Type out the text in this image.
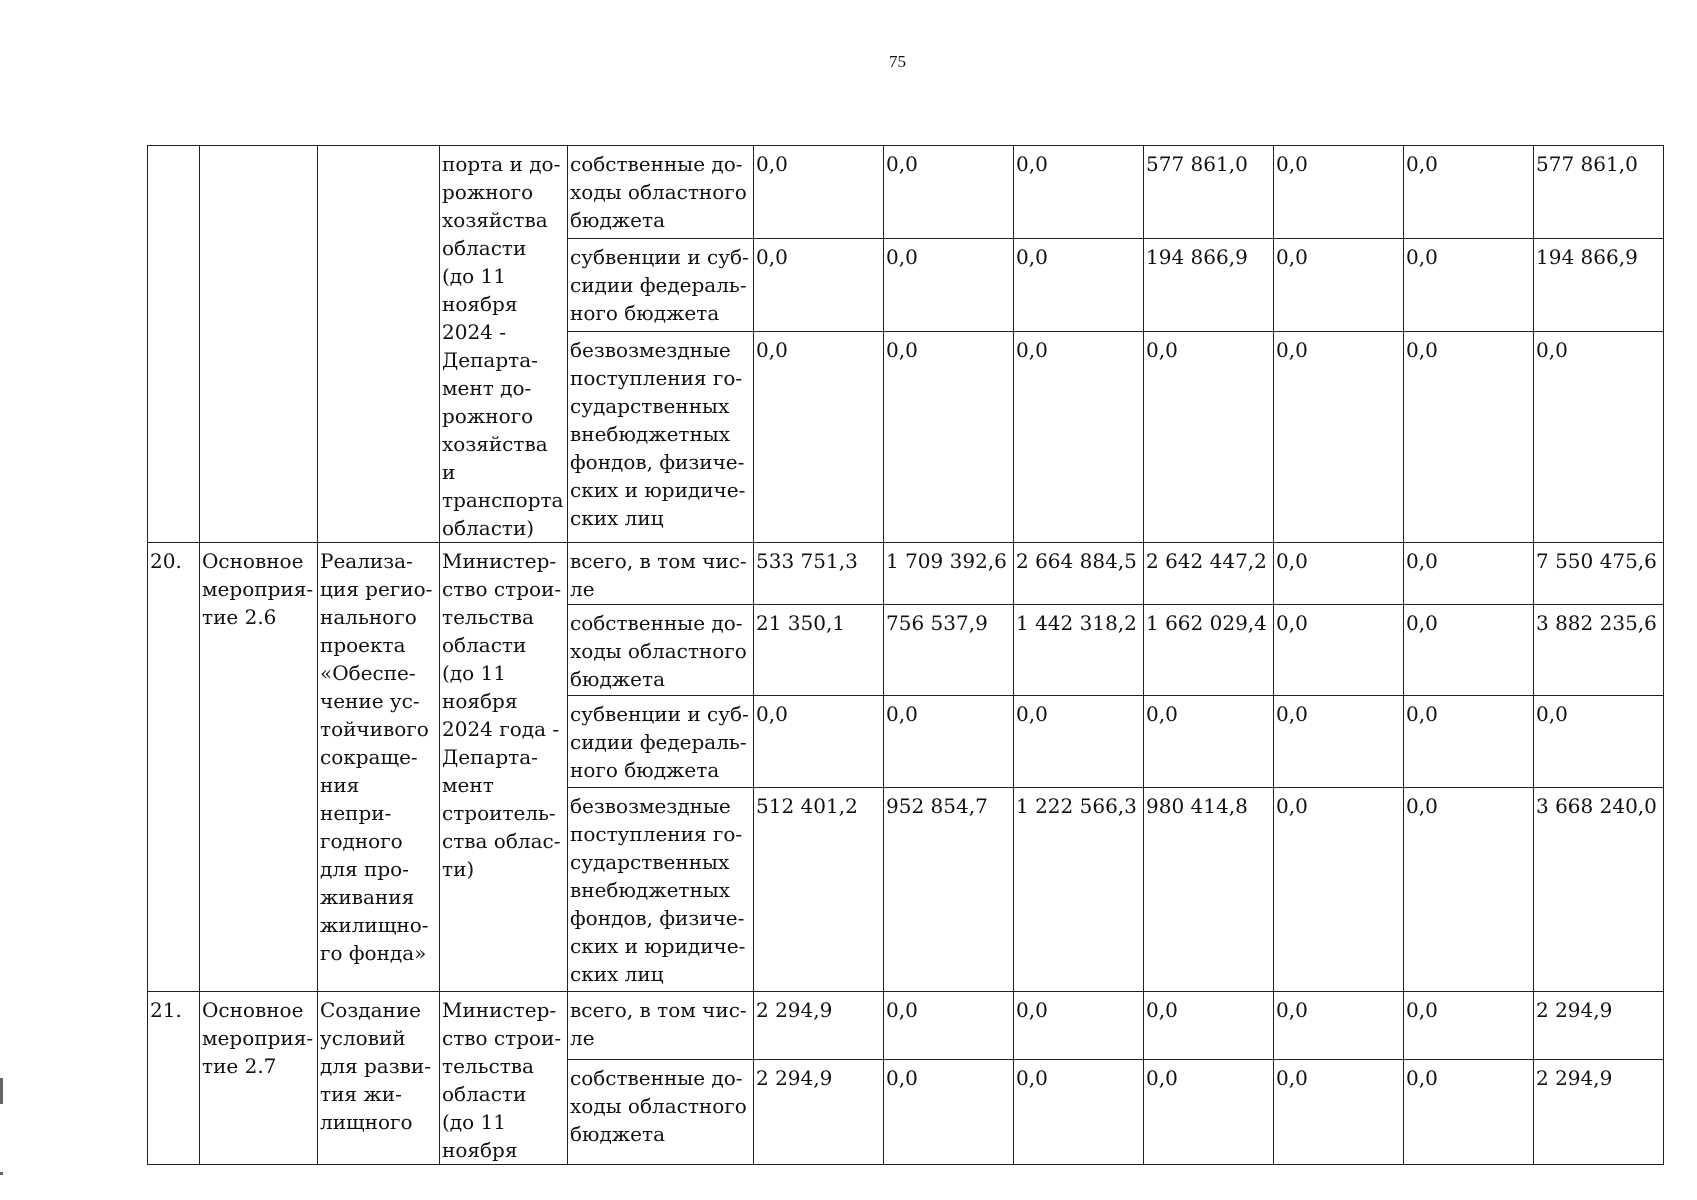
75
			порта и до-рожного хозяйства области (до 11 ноября 2024 - Департа-мент до-рожного хозяйства и транспорта области)	собственные до-ходы областного бюджета	0,0	0,0	0,0	577 861,0	0,0	0,0	577 861,0
				субвенции и суб-сидии федераль-ного бюджета	0,0	0,0	0,0	194 866,9	0,0	0,0	194 866,9
				безвозмездные поступления го-сударственных внебюджетных фондов, физиче-ских и юридиче-ских лиц	0,0	0,0	0,0	0,0	0,0	0,0	0,0
20.	Основное мероприя-тие 2.6	Реализа-ция регио-нального проекта «Обеспе-чение ус-тойчивого сокраще-ния непри-годного для про-живания жилищно-го фонда»	Министер-ство строи-тельства области (до 11 ноября 2024 года - Департа-мент строитель-ства облас-ти)	всего, в том чис-ле	533 751,3	1 709 392,6	2 664 884,5	2 642 447,2	0,0	0,0	7 550 475,6
				собственные до-ходы областного бюджета	21 350,1	756 537,9	1 442 318,2	1 662 029,4	0,0	0,0	3 882 235,6
				субвенции и суб-сидии федераль-ного бюджета	0,0	0,0	0,0	0,0	0,0	0,0	0,0
				безвозмездные поступления го-сударственных внебюджетных фондов, физиче-ских и юридиче-ских лиц	512 401,2	952 854,7	1 222 566,3	980 414,8	0,0	0,0	3 668 240,0
21.	Основное мероприя-тие 2.7	Создание условий для разви-тия жи-лищного	Министер-ство строи-тельства области (до 11 ноября	всего, в том чис-ле	2 294,9	0,0	0,0	0,0	0,0	0,0	2 294,9
				собственные до-ходы областного бюджета	2 294,9	0,0	0,0	0,0	0,0	0,0	2 294,9
